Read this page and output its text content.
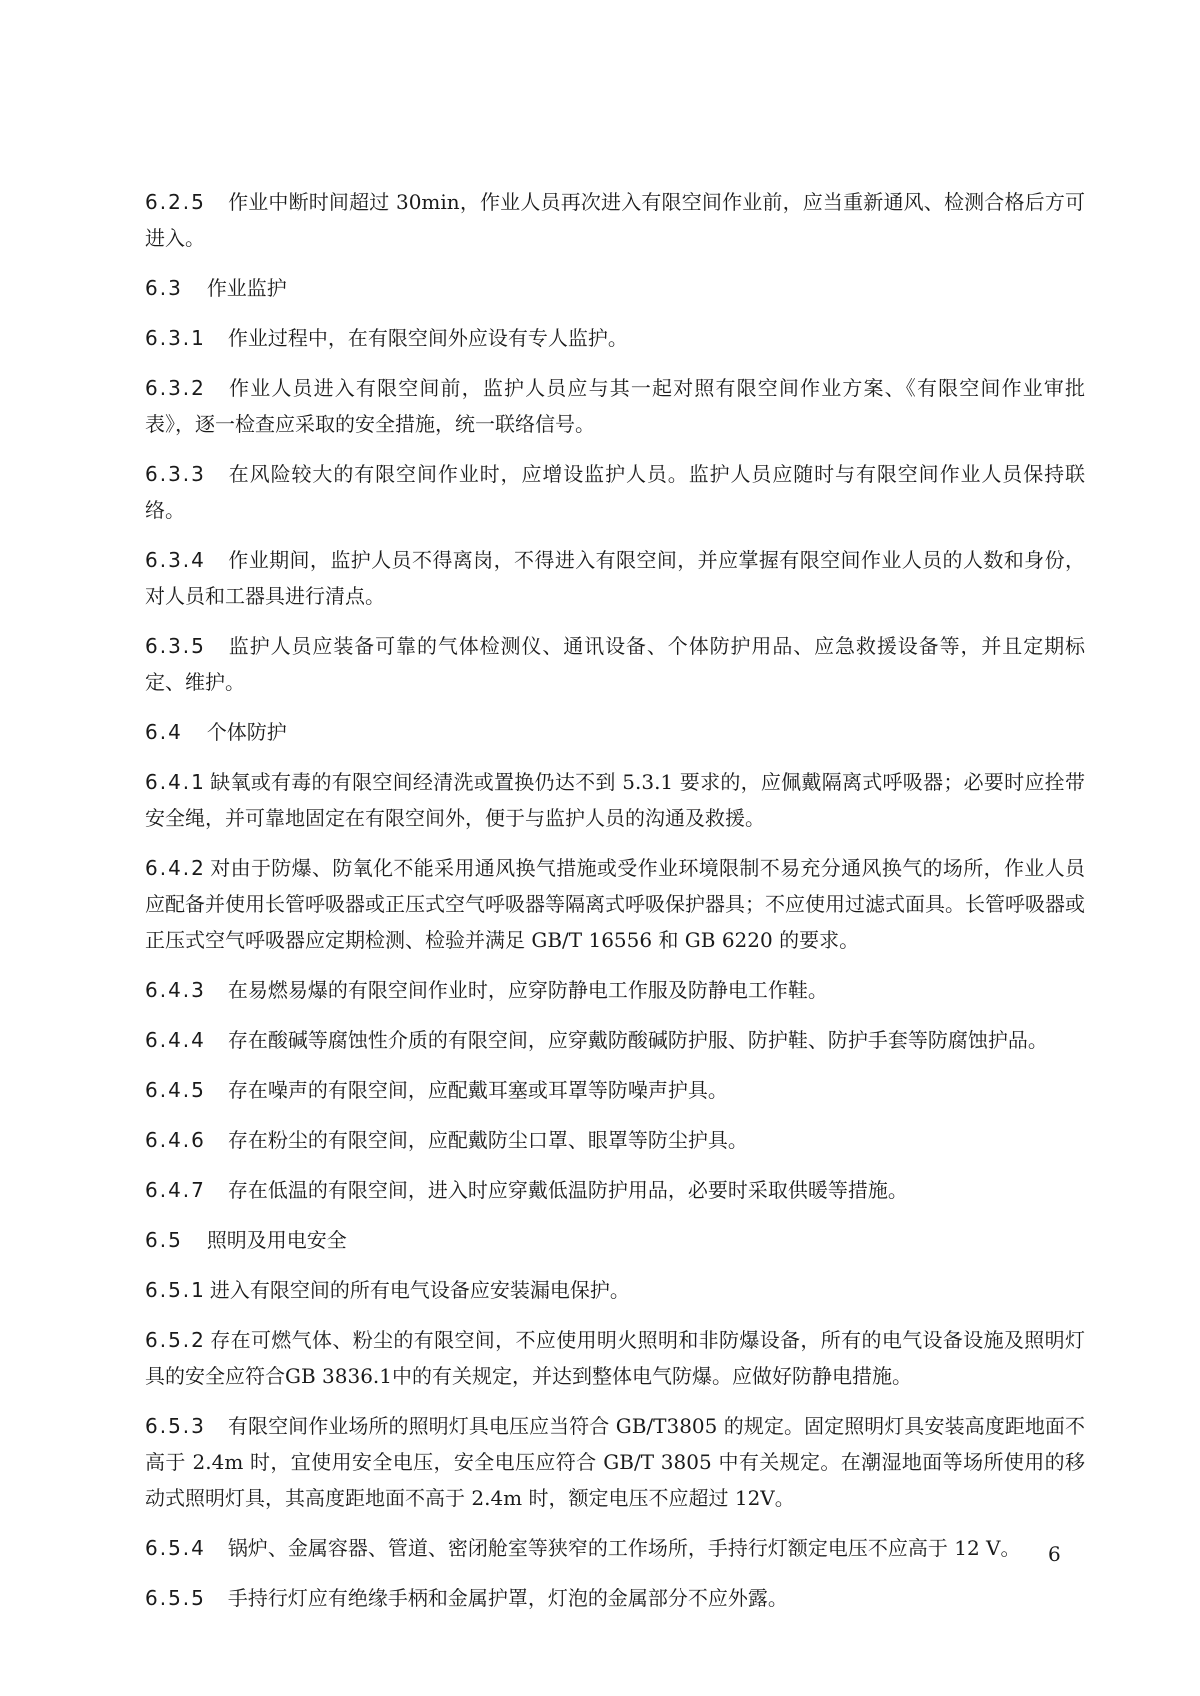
6.2.5 作业中断时间超过 30min，作业人员再次进入有限空间作业前，应当重新通风、检测合格后方可进入。

6.3 作业监护

6.3.1 作业过程中，在有限空间外应设有专人监护。

6.3.2 作业人员进入有限空间前，监护人员应与其一起对照有限空间作业方案、《有限空间作业审批表》，逐一检查应采取的安全措施，统一联络信号。

6.3.3 在风险较大的有限空间作业时，应增设监护人员。监护人员应随时与有限空间作业人员保持联络。

6.3.4 作业期间，监护人员不得离岗，不得进入有限空间，并应掌握有限空间作业人员的人数和身份，对人员和工器具进行清点。

6.3.5 监护人员应装备可靠的气体检测仪、通讯设备、个体防护用品、应急救援设备等，并且定期标定、维护。

6.4 个体防护

6.4.1 缺氧或有毒的有限空间经清洗或置换仍达不到 5.3.1 要求的，应佩戴隔离式呼吸器；必要时应拴带安全绳，并可靠地固定在有限空间外，便于与监护人员的沟通及救援。

6.4.2 对由于防爆、防氧化不能采用通风换气措施或受作业环境限制不易充分通风换气的场所，作业人员应配备并使用长管呼吸器或正压式空气呼吸器等隔离式呼吸保护器具；不应使用过滤式面具。长管呼吸器或正压式空气呼吸器应定期检测、检验并满足 GB/T 16556 和 GB 6220 的要求。

6.4.3 在易燃易爆的有限空间作业时，应穿防静电工作服及防静电工作鞋。

6.4.4 存在酸碱等腐蚀性介质的有限空间，应穿戴防酸碱防护服、防护鞋、防护手套等防腐蚀护品。

6.4.5 存在噪声的有限空间，应配戴耳塞或耳罩等防噪声护具。

6.4.6 存在粉尘的有限空间，应配戴防尘口罩、眼罩等防尘护具。

6.4.7 存在低温的有限空间，进入时应穿戴低温防护用品，必要时采取供暖等措施。

6.5 照明及用电安全

6.5.1 进入有限空间的所有电气设备应安装漏电保护。

6.5.2 存在可燃气体、粉尘的有限空间，不应使用明火照明和非防爆设备，所有的电气设备设施及照明灯具的安全应符合GB 3836.1中的有关规定，并达到整体电气防爆。应做好防静电措施。

6.5.3 有限空间作业场所的照明灯具电压应当符合 GB/T3805 的规定。固定照明灯具安装高度距地面不高于 2.4m 时，宜使用安全电压，安全电压应符合 GB/T 3805 中有关规定。在潮湿地面等场所使用的移动式照明灯具，其高度距地面不高于 2.4m 时，额定电压不应超过 12V。

6.5.4 锅炉、金属容器、管道、密闭舱室等狭窄的工作场所，手持行灯额定电压不应高于 12 V。

6.5.5 手持行灯应有绝缘手柄和金属护罩，灯泡的金属部分不应外露。

6
